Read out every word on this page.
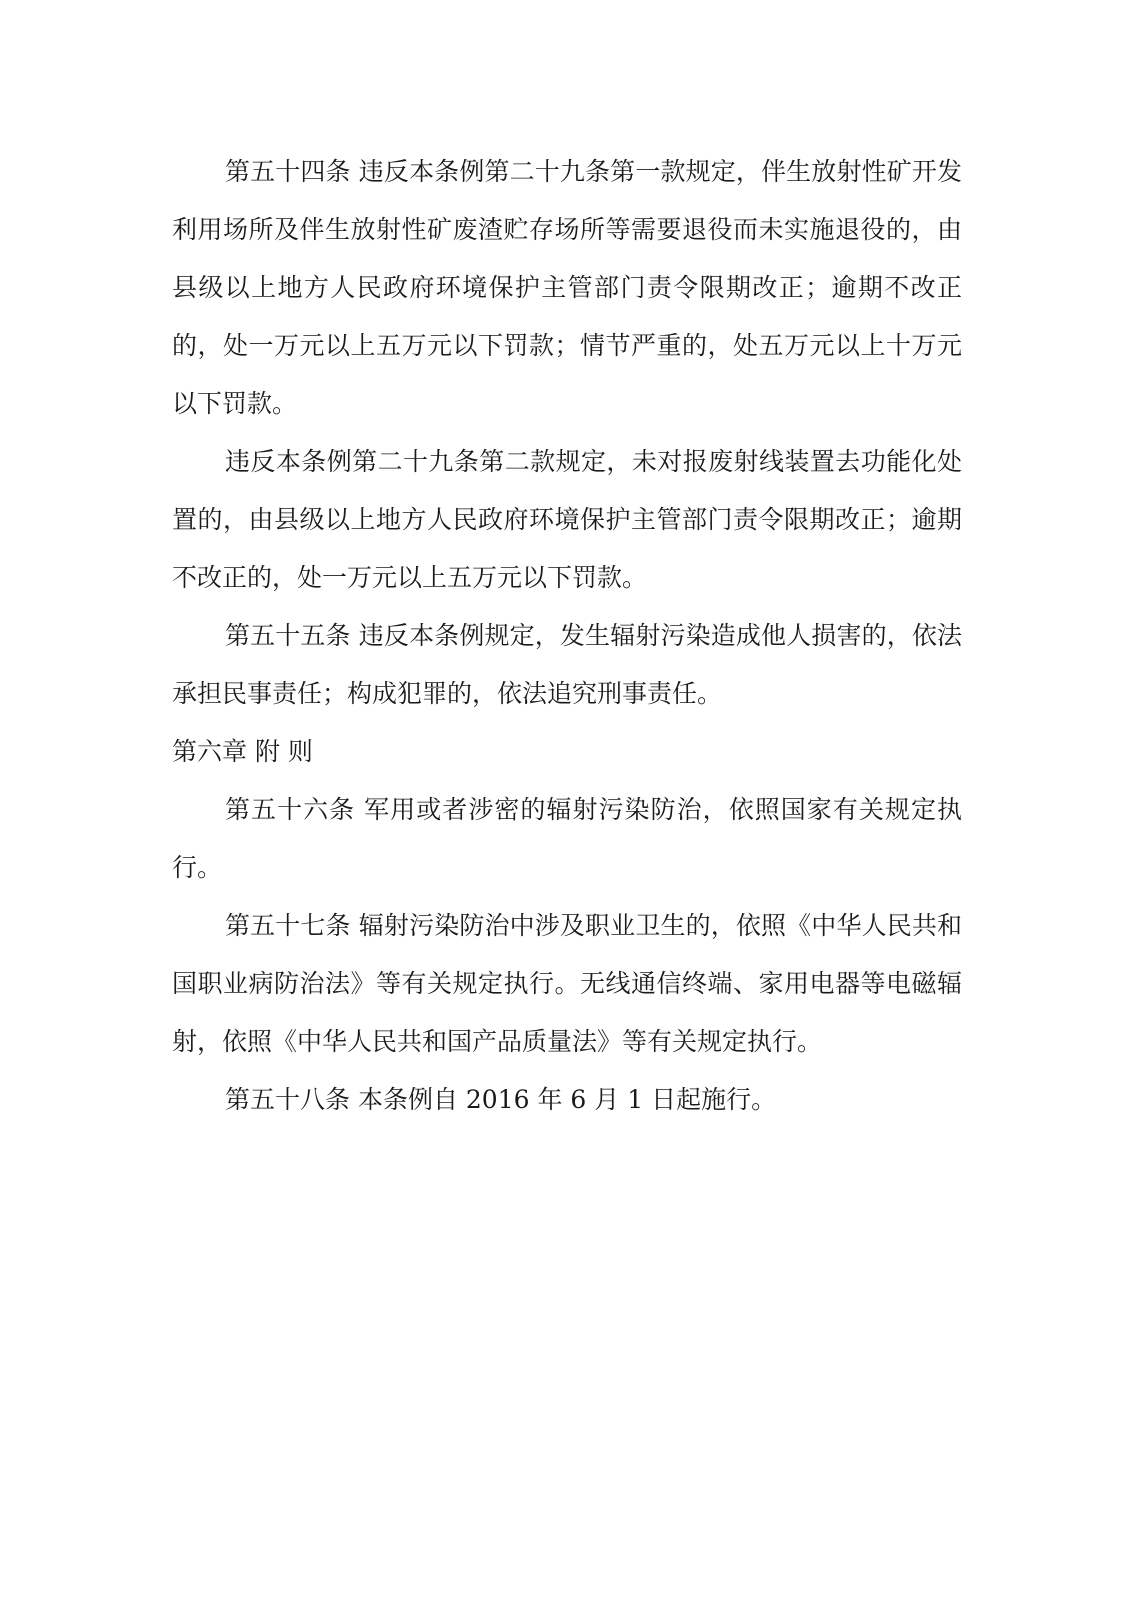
第五十四条 违反本条例第二十九条第一款规定，伴生放射性矿开发利用场所及伴生放射性矿废渣贮存场所等需要退役而未实施退役的，由县级以上地方人民政府环境保护主管部门责令限期改正；逾期不改正的，处一万元以上五万元以下罚款；情节严重的，处五万元以上十万元以下罚款。

违反本条例第二十九条第二款规定，未对报废射线装置去功能化处置的，由县级以上地方人民政府环境保护主管部门责令限期改正；逾期不改正的，处一万元以上五万元以下罚款。

第五十五条 违反本条例规定，发生辐射污染造成他人损害的，依法承担民事责任；构成犯罪的，依法追究刑事责任。

第六章 附 则

第五十六条 军用或者涉密的辐射污染防治，依照国家有关规定执行。

第五十七条 辐射污染防治中涉及职业卫生的，依照《中华人民共和国职业病防治法》等有关规定执行。无线通信终端、家用电器等电磁辐射，依照《中华人民共和国产品质量法》等有关规定执行。

第五十八条 本条例自 2016 年 6 月 1 日起施行。
